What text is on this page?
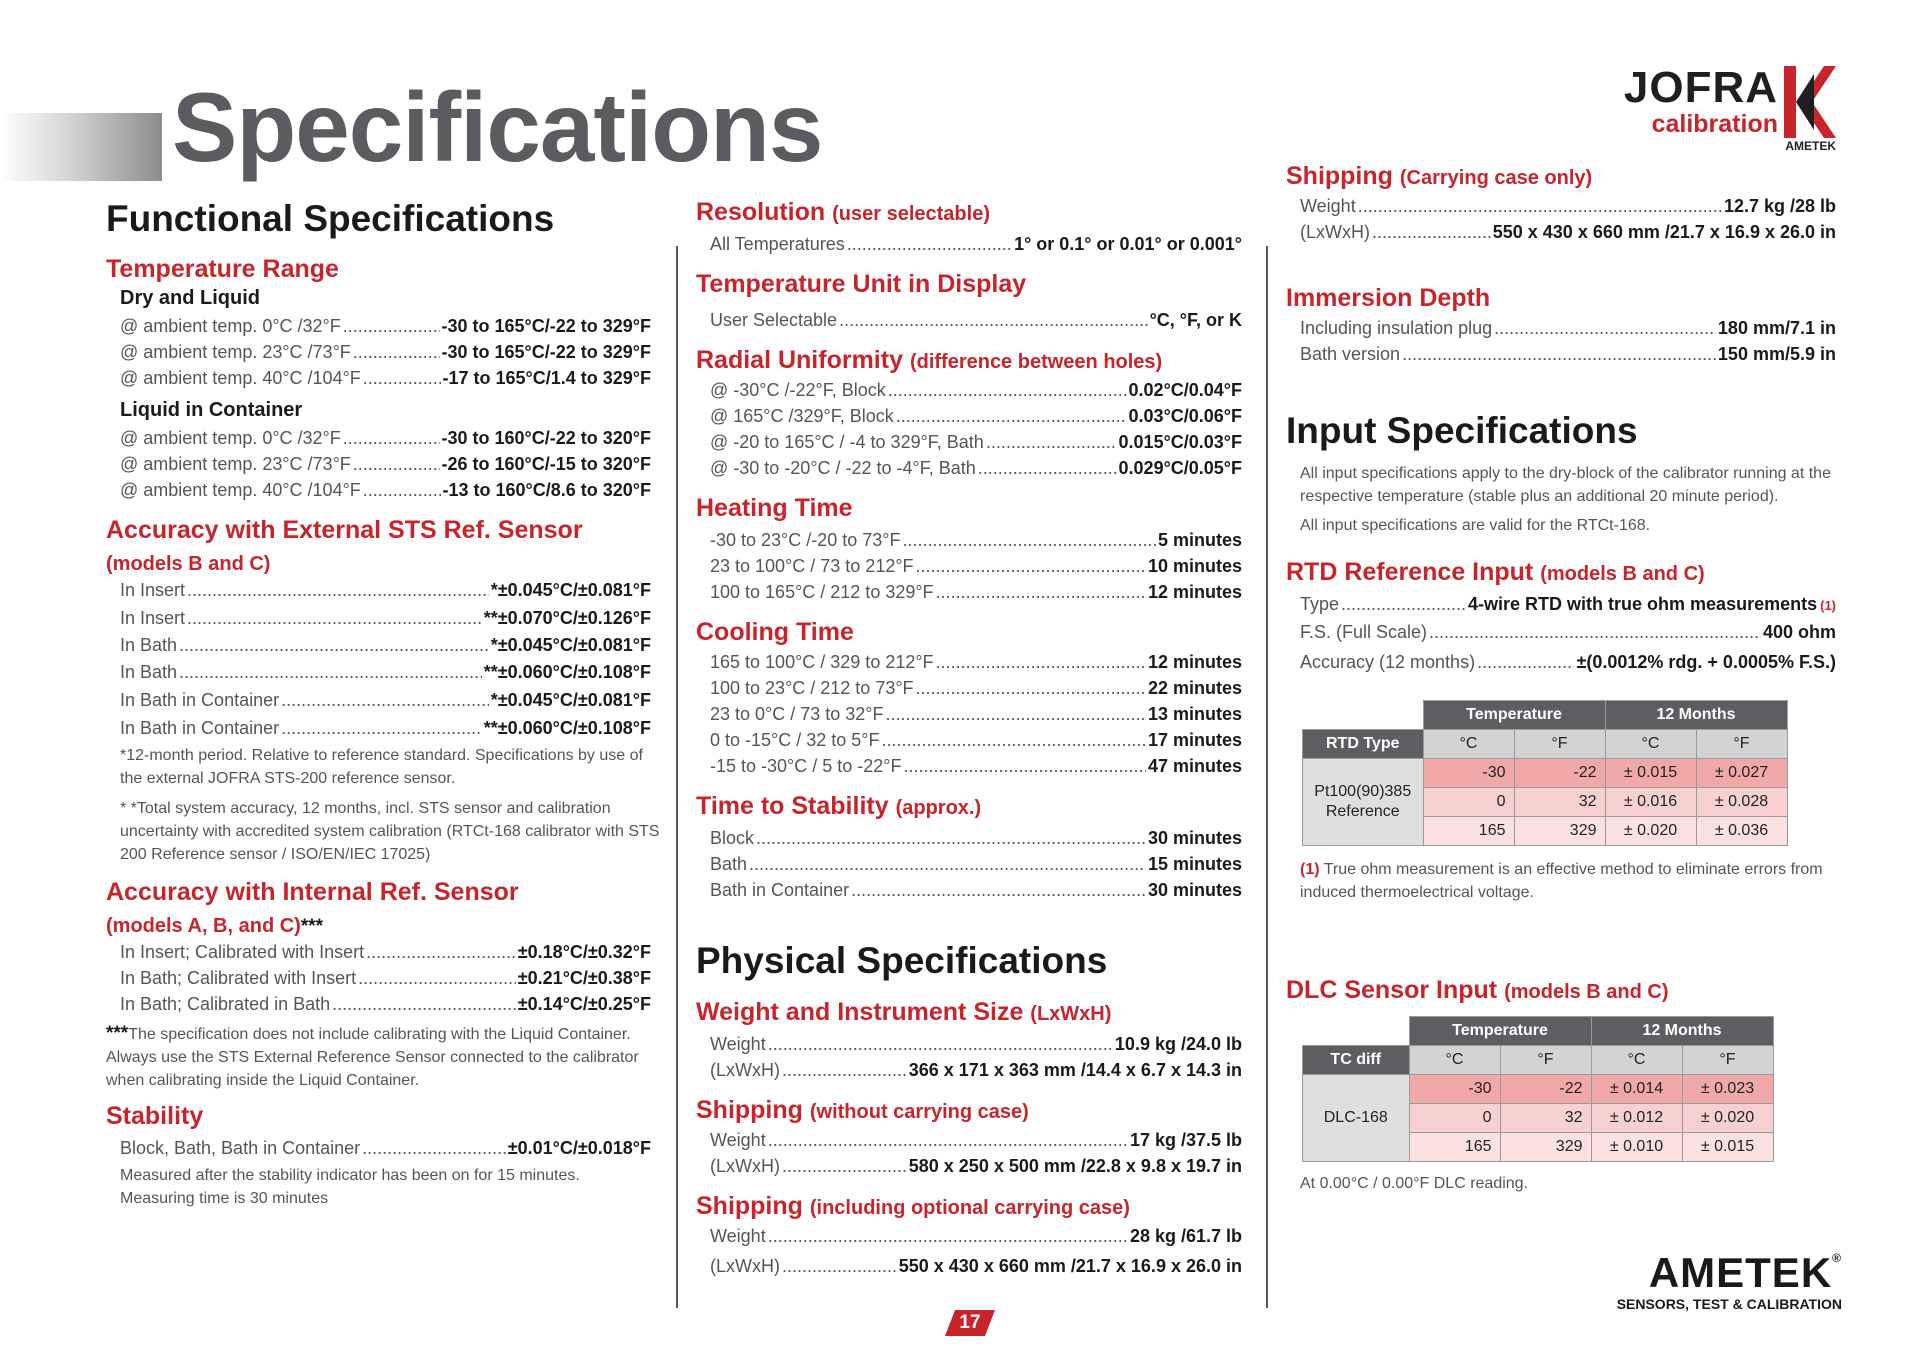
Specifications	JOFRA
calibration
AMETEK
Functional Specifications
Temperature Range
Dry and Liquid
@ ambient temp. 0°C /32°F .....	-30 to 165°C/-22 to 329°F
@ ambient temp. 23°C /73°F .....	-30 to 165°C/-22 to 329°F
@ ambient temp. 40°C /104°F .....	-17 to 165°C/1.4 to 329°F
Liquid in Container
@ ambient temp. 0°C /32°F .....	-30 to 160°C/-22 to 320°F
@ ambient temp. 23°C /73°F .....	-26 to 160°C/-15 to 320°F
@ ambient temp. 40°C /104°F .....	-13 to 160°C/8.6 to 320°F
Accuracy with External STS Ref. Sensor
(models B and C)
In Insert .....	*±0.045°C/±0.081°F
In Insert .....	**±0.070°C/±0.126°F
In Bath .....	*±0.045°C/±0.081°F
In Bath .....	**±0.060°C/±0.108°F
In Bath in Container .....	*±0.045°C/±0.081°F
In Bath in Container .....	**±0.060°C/±0.108°F
*12-month period. Relative to reference standard. Specifications by use of the external JOFRA STS-200 reference sensor.
* *Total system accuracy, 12 months, incl. STS sensor and calibration uncertainty with accredited system calibration (RTCt-168 calibrator with STS 200 Reference sensor / ISO/EN/IEC 17025)
Accuracy with Internal Ref. Sensor
(models A, B, and C)***
In Insert; Calibrated with Insert .....	±0.18°C/±0.32°F
In Bath; Calibrated with Insert .....	±0.21°C/±0.38°F
In Bath; Calibrated in Bath .....	±0.14°C/±0.25°F
***The specification does not include calibrating with the Liquid Container. Always use the STS External Reference Sensor connected to the calibrator when calibrating inside the Liquid Container.
Stability
Block, Bath, Bath in Container .....	±0.01°C/±0.018°F
Measured after the stability indicator has been on for 15 minutes. Measuring time is 30 minutes
Resolution (user selectable)
All Temperatures .....	1° or 0.1° or 0.01° or 0.001°
Temperature Unit in Display
User Selectable .....	°C, °F, or K
Radial Uniformity (difference between holes)
@ -30°C /-22°F, Block .....	0.02°C/0.04°F
@ 165°C /329°F, Block .....	0.03°C/0.06°F
@ -20 to 165°C / -4 to 329°F, Bath .....	0.015°C/0.03°F
@ -30 to -20°C / -22 to -4°F, Bath .....	0.029°C/0.05°F
Heating Time
-30 to 23°C /-20 to 73°F .....	5 minutes
23 to 100°C / 73 to 212°F .....	10 minutes
100 to 165°C / 212 to 329°F .....	12 minutes
Cooling Time
165 to 100°C / 329 to 212°F .....	12 minutes
100 to 23°C / 212 to 73°F .....	22 minutes
23 to 0°C / 73 to 32°F .....	13 minutes
0 to -15°C / 32 to 5°F .....	17 minutes
-15 to -30°C / 5 to -22°F .....	47 minutes
Time to Stability (approx.)
Block .....	30 minutes
Bath .....	15 minutes
Bath in Container .....	30 minutes
Physical Specifications
Weight and Instrument Size (LxWxH)
Weight .....	10.9 kg /24.0 lb
(LxWxH) .....	366 x 171 x 363 mm /14.4 x 6.7 x 14.3 in
Shipping (without carrying case)
Weight .....	17 kg /37.5 lb
(LxWxH) .....	580 x 250 x 500 mm /22.8 x 9.8 x 19.7 in
Shipping (including optional carrying case)
Weight .....	28 kg /61.7 lb
(LxWxH) .....	550 x 430 x 660 mm /21.7 x 16.9 x 26.0 in
Shipping (Carrying case only)
Weight .....	12.7 kg /28 lb
(LxWxH) .....	550 x 430 x 660 mm /21.7 x 16.9 x 26.0 in
Immersion Depth
Including insulation plug .....	180 mm/7.1 in
Bath version .....	150 mm/5.9 in
Input Specifications
All input specifications apply to the dry-block of the calibrator running at the respective temperature (stable plus an additional 20 minute period).
All input specifications are valid for the RTCt-168.
RTD Reference Input (models B and C)
Type .....	4-wire RTD with true ohm measurements (1)
F.S. (Full Scale) .....	400 ohm
Accuracy (12 months) .....	±(0.0012% rdg. + 0.0005% F.S.)
	Temperature		12 Months	
RTD Type	°C	°F	°C	°F
Pt100(90)385 Reference	-30	-22	± 0.015	± 0.027
	0	32	± 0.016	± 0.028
	165	329	± 0.020	± 0.036
(1) True ohm measurement is an effective method to eliminate errors from induced thermoelectrical voltage.
DLC Sensor Input (models B and C)
	Temperature		12 Months	
TC diff	°C	°F	°C	°F
DLC-168	-30	-22	± 0.014	± 0.023
	0	32	± 0.012	± 0.020
	165	329	± 0.010	± 0.015
At 0.00°C / 0.00°F DLC reading.
AMETEK®
SENSORS, TEST & CALIBRATION
17
